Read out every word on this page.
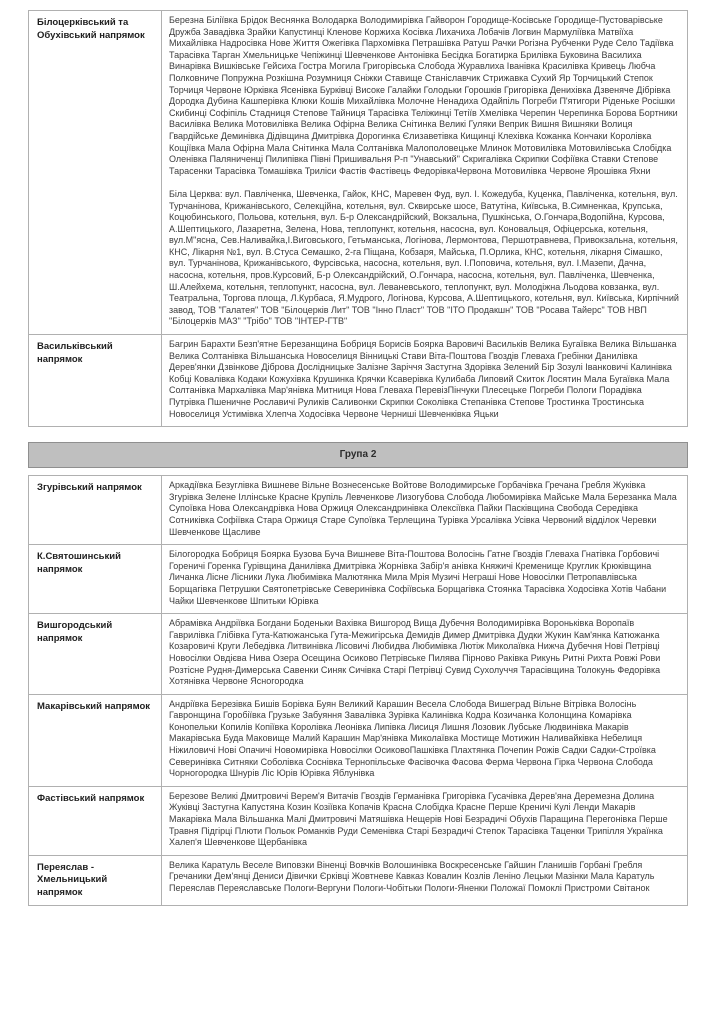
Білоцерківський та Обухівський напрямок	Березна Біліївка Брідок Веснянка Володарка Володимирівка Гайворон Городище-Косівське Городище-Пустоварівське Дружба Завадівка Зрайки Капустинці Кленове Коржиха Косівка Лихачиха Лобачів Логвин Мармуліївка Матвіїха Михайлівка Надросівка Нове Життя Ожегівка Пархомівка Петрашівка Ратуш Рачки Рогізна Рубченки Руде Село Тадіївка Тарасівка Тарган Хмельницьке Чепіжинці Шевченкове Антонівка Бесідка Богатирка Брилівка Буковина Василиха Винарівка Вишківське Гейсиха Гостра Могила Григорівська Слобода Журавлиха Іванівка Красилівка Кривець Любча Полковниче Попружна Розкішна Розумниця Сніжки Ставище Станіславчик Стрижавка Сухий Яр Торчицький Степок Торчиця Червоне Юрківка Ясенівка Бурківці Високе Галайки Голодьки Горошків Григорівка Денихівка Дзвеняче Дібрівка Дородка Дубина Кашперівка Клюки Кошів Михайлівка Молочне Ненадиха Одайпіль Погреби П'ятигори Ріденьке Росішки Скибинці Софіпіль Стадниця Степове Тайниця Тарасівка Теліжинці Тетіїв Хмелівка Черепин Черепинка Борова Бортники Василівка Велика Мотовилівка Велика Офірна Велика Снітинка Великі Гуляки Веприк Вишня Вишняки Волиця Гвардійське Деминівка Дідівщина Дмитрівка Дорогинка Єлизаветівка Кищинці Клехівка Кожанка Кончаки Королівка Кощіївка Мала Офірна Мала Снітинка Мала Солтанівка Малополовецьке Млинок Мотовилівка Мотовилівська Слобідка Оленівка Паляниченці Пилипівка Півні Пришивальня Р-п "Унавський" Скригалівка Скрипки Софіївка Ставки Степове Тарасенки Тарасівка Томашівка Триліси Фастів Фастівець ФедорівкаЧервона Мотовилівка Червоне Ярошівка Яхни

Біла Церква: вул. Павліченка, Шевченка, Гайок, КНС, Маревен Фуд, вул. І. Кожедуба, Куценка, Павліченка, котельня, вул. Турчанінова, Крижанівського, Селекційна, котельня, вул. Сквирське шосе, Ватутіна, Київська, В.Симненкаа, Крупська, Коцюбинського, Польова, котельня, вул. Б-р Олександрійский, Вокзальна, Пушкінська, О.Гончара,Водопійна, Курсова, А.Шептицького, Лазаретна, Зелена, Нова, теплопункт, котельня, насосна, вул. Коновальця, Офіцерська, котельня, вул.М"ясна, Сев.Наливайка,І.Виговського, Гетьманська, Логінова, Лермонтова, Першотравнева, Привокзальна, котельня, КНС, Лікарня №1, вул. В.Стуса Семашко, 2-га Піщана, Кобзаря, Майська, П.Орлика, КНС, котельня, лікарня Сімашко, вул. Турчанінова, Крижанівського, Фурсівська, насосна, котельня, вул. І.Поповича, котельня, вул. І.Мазепи, Дачна, насосна, котельня, пров.Курсовий, Б-р Олександрійский, О.Гончара, насосна, котельня, вул. Павліченка, Шевченка, Ш.Алейхема, котельня, теплопункт, насосна, вул. Леваневського, теплопункт, вул. Молодіжна Льодова ковзанка, вул. Театральна, Торгова площа, Л.Курбаса, Я.Мудрого, Логінова, Курсова, А.Шептицького, котельня, вул. Київська, Кирпічний завод, ТОВ "Галатея" ТОВ "Білоцерків Лит" ТОВ "Інно Пласт" ТОВ "ІТО Продакшн" ТОВ "Росава Тайерс" ТОВ НВП "Білоцерків МАЗ" "Трібо" ТОВ "ІНТЕР-ГТВ"

Васильківський напрямок	Багрин Барахти Безп'ятне Березанщина Бобриця Борисів Боярка Варовичі Васильків Велика Бугаївка Велика Вільшанка Велика Солтанівка Вільшанська Новоселиця Вінницькі Стави Віта-Поштова Гвоздів Глеваха Гребінки Данилівка Дерев'янки Дзвінкове Діброва Дослідницьке Залізне Заріччя Застугна Здорівка Зелений Бір Зозулі Іванковичі Калинівка Кобці Ковалівка Кодаки Кожухівка Крушинка Крячки Ксаверівка Кулибаба Липовий Скиток Лосятин Мала Бугаївка Мала Солтанівка Мархалівка Мар'янівка Митниця Нова Глеваха ПеревізПінчуки Плесецьке Погреби Пологи Порадівка Путрівка Пшеничне Рославичі Руликів Саливонки Скрипки Соколівка Степанівка Степове Тростинка Тростинська Новоселиця Устимівка Хлепча Ходосівка Червоне Черниші Шевченківка Яцьки

Група 2
Згурівський напрямок	Аркадіївка Безуглівка Вишневе Вільне Вознесенське Войтове Володимирське Горбачівка Гречана Гребля Жуківка Згурівка Зелене Іллінське Красне Крупіль Левченкове Лизогубова Слобода Любомирівка Майське Мала Березанка Мала Супоївка Нова Олександрівка Нова Оржиця Олександринівка Олексіївка Пайки Пасківщина Свобода Середівка Сотниківка Софіївка Стара Оржиця Старе Супоївка Терлещина Турівка Урсалівка Усівка Червоний відділок Черевки Шевченкове Щасливе

К.Святошинський напрямок	Білогородка Бобриця Боярка Бузова Буча Вишневе Віта-Поштова Волосінь Гатне Гвоздів Глеваха Гнатівка Горбовичі Гореничі Горенка Гурівщина Данилівка Дмитрівка Жорнівка Забір'я анівка Княжичі Кременище Круглик Крюківщина Личанка Лісне Лісники Лука Любимівка Малютянка Мила Мрія Музичі Неграші Нове Новосілки Петропавлівська Борщагівка Петрушки Святопетрівське Северинівка Софіївська Борщагівка Стоянка Тарасівка Ходосівка Хотів Чабани Чайки Шевченкове Шпитьки Юрівка

Вишгородський напрямок	Абрамівка Андріївка Богдани Боденьки Вахівка Вишгород Вища Дубечня Володимирівка Вороньківка Воропаїв Гаврилівка Глібівка Гута-Катюжанська Гута-Межигірська Демидів Димер Дмитрівка Дудки Жукин Кам'янка Катюжанка Козаровичі Круги Лебедівка Литвинівка Лісовичі Любидва Любимівка Лютіж Миколаївка Нижча Дубечня Нові Петрівці Новосілки Овдієва Нива Озера Осещина Осиково Петрівське Пилява Пірново Раківка Рикунь Ритні Рихта Ровжі Рови Розтісне Рудня-Димерська Савенки Синяк Сичівка Старі Петрівці Сувид Сухолуччя Тарасівщина Толокунь Федорівка Хотянівка Червоне Ясногородка

Макарівський напрямок	Андріївка Березівка Бишів Борівка Буян Великий Карашин Весела Слобода Вишеград Вільне Вітрівка Волосінь Гавронщина Горобіївка Грузьке Забуяння Завалівка Зурівка Калинівка Кодра Козичанка Колонщина Комарівка Конопельки Копилів Копіївка Королівка Леонівка Липівка Лисиця Лишня Лозовик Лубське Людвинівка Макарів Макарівська Буда Маковище Малий Карашин Мар'янівка Миколаївка Мостище Мотижин Наливайківка Небелиця Ніжиловичі Нові Опачичі Новомирівка Новосілки ОсиковоПашківка Плахтянка Почепин Рожів Садки Садки-Строївка Северинівка Ситняки Соболівка Соснівка Тернопільське Фасівочка Фасова Ферма Червона Гірка Червона Слобода Чорногородка Шнурів Ліс Юрів Юрівка Яблунівка

Фастівський напрямок	Березове Великі Дмитровичі Верем'я Витачів Гвоздів Германівка Григорівка Гусачівка Дерев'яна Деремезна Долина Жуківці Застугна Капустяна Козин Козіївка Копачів Красна Слобідка Красне Перше Креничі Кулі Ленди Макарів Макарівка Мала Вільшанка Малі Дмитровичі Матяшівка Нещерів Нові Безрадичі Обухів Паращина Перегонівка Перше Травня Підгірці Плюти Польок Романків Руди Семенівка Старі Безрадичі Степок Тарасівка Таценки Трипілля Українка Халеп'я Шевченкове Щербанівка

Переяслав - Хмельницький напрямок	Велика Каратуль Веселе Виповзки Віненці Вовчків Волошинівка Воскресенське Гайшин Гланишів Горбані Гребля Гречаники Дем'янці Дениси Дівички Єрківці Жовтневе Кавказ Ковалин Козлів Леніно Лецьки Мазінки Мала Каратуль Переяслав Переяславське Пологи-Вергуни Пологи-Чобітьки Пологи-Яненки Положаї Помоклі Пристроми Світанок
